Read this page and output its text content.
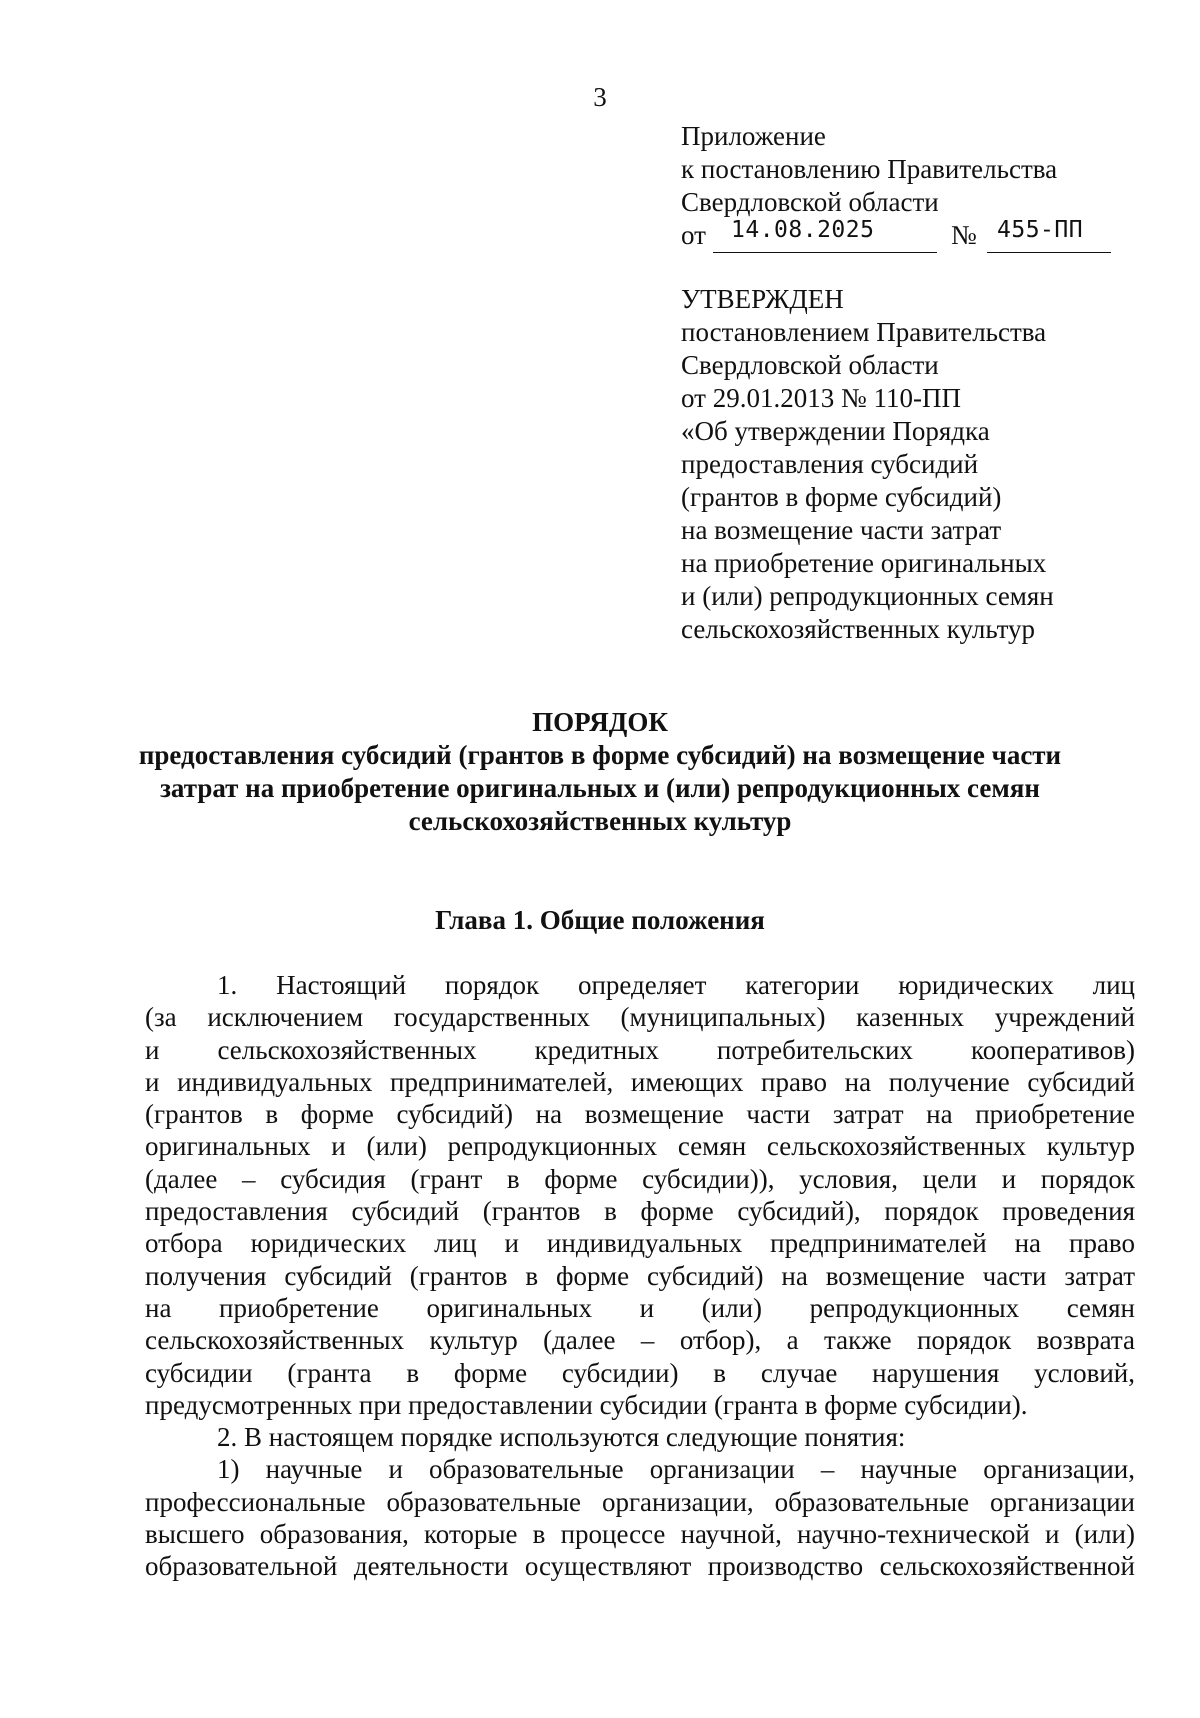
3
Приложение
к постановлению Правительства
Свердловской области
от 14.08.2025	№ 455-ПП
УТВЕРЖДЕН
постановлением Правительства
Свердловской области
от 29.01.2013 № 110-ПП
«Об утверждении Порядка
предоставления субсидий
(грантов в форме субсидий)
на возмещение части затрат
на приобретение оригинальных
и (или) репродукционных семян
сельскохозяйственных культур
ПОРЯДОК
предоставления субсидий (грантов в форме субсидий) на возмещение части
затрат на приобретение оригинальных и (или) репродукционных семян
сельскохозяйственных культур
Глава 1. Общие положения
1. Настоящий порядок определяет категории юридических лиц
(за исключением государственных (муниципальных) казенных учреждений
и сельскохозяйственных кредитных потребительских кооперативов)
и индивидуальных предпринимателей, имеющих право на получение субсидий
(грантов в форме субсидий) на возмещение части затрат на приобретение
оригинальных и (или) репродукционных семян сельскохозяйственных культур
(далее – субсидия (грант в форме субсидии)), условия, цели и порядок
предоставления субсидий (грантов в форме субсидий), порядок проведения
отбора юридических лиц и индивидуальных предпринимателей на право
получения субсидий (грантов в форме субсидий) на возмещение части затрат
на приобретение оригинальных и (или) репродукционных семян
сельскохозяйственных культур (далее – отбор), а также порядок возврата
субсидии (гранта в форме субсидии) в случае нарушения условий,
предусмотренных при предоставлении субсидии (гранта в форме субсидии).
2. В настоящем порядке используются следующие понятия:
1) научные и образовательные организации – научные организации,
профессиональные образовательные организации, образовательные организации
высшего образования, которые в процессе научной, научно-технической и (или)
образовательной деятельности осуществляют производство сельскохозяйственной
